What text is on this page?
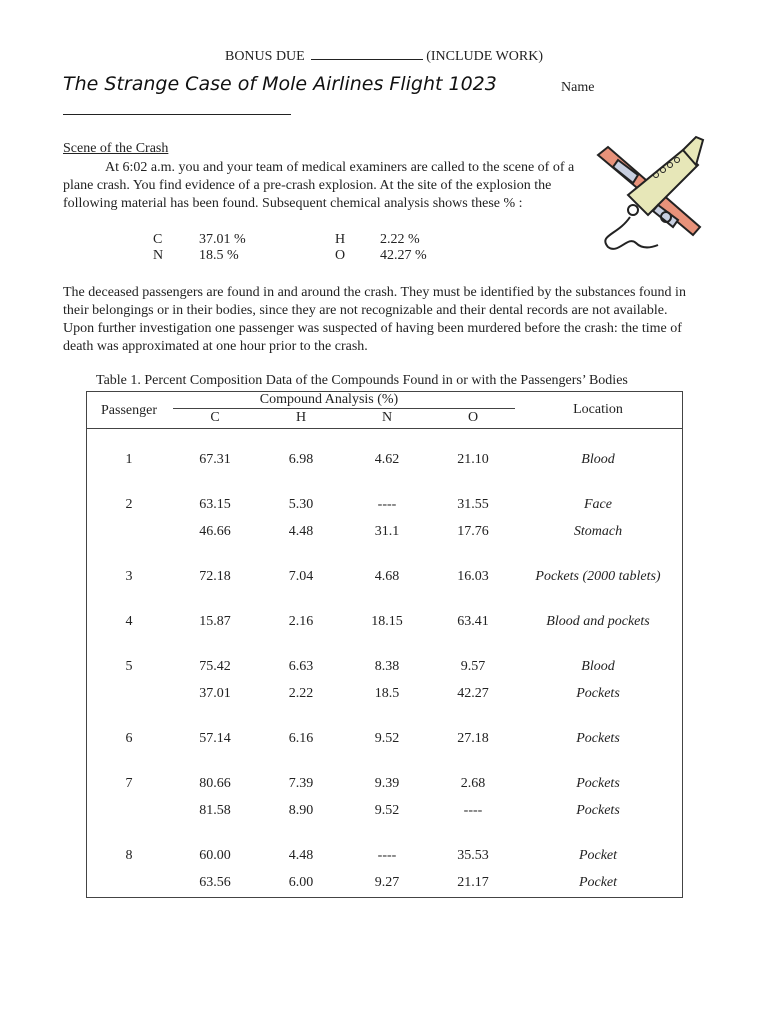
BONUS DUE	(INCLUDE WORK)
The Strange Case of Mole Airlines Flight 1023	Name
Scene of the Crash
At 6:02 a.m. you and your team of medical examiners are called to the scene of of a plane crash. You find evidence of a pre-crash explosion. At the site of the explosion the following material has been found. Subsequent chemical analysis shows these % :
C	37.01 %	H 2.22 %
N	18.5 %	O 42.27 %
The deceased passengers are found in and around the crash. They must be identified by the substances found in their belongings or in their bodies, since they are not recognizable and their dental records are not available. Upon further investigation one passenger was suspected of having been murdered before the crash: the time of death was approximated at one hour prior to the crash.
Table 1. Percent Composition Data of the Compounds Found in or with the Passengers’ Bodies
Passenger
Compound Analysis (%)
C	H	N	O
Location
1	67.31	6.98	4.62	21.10	Blood
2	63.15	5.30	----	31.55	Face
46.66	4.48	31.1	17.76	Stomach
3	72.18	7.04	4.68	16.03	Pockets (2000 tablets)
4	15.87	2.16	18.15	63.41	Blood and pockets
5	75.42	6.63	8.38	9.57	Blood
37.01	2.22	18.5	42.27	Pockets
6	57.14	6.16	9.52	27.18	Pockets
7	80.66	7.39	9.39	2.68	Pockets
81.58	8.90	9.52	----	Pockets
8	60.00	4.48	----	35.53	Pocket
63.56	6.00	9.27	21.17	Pocket
